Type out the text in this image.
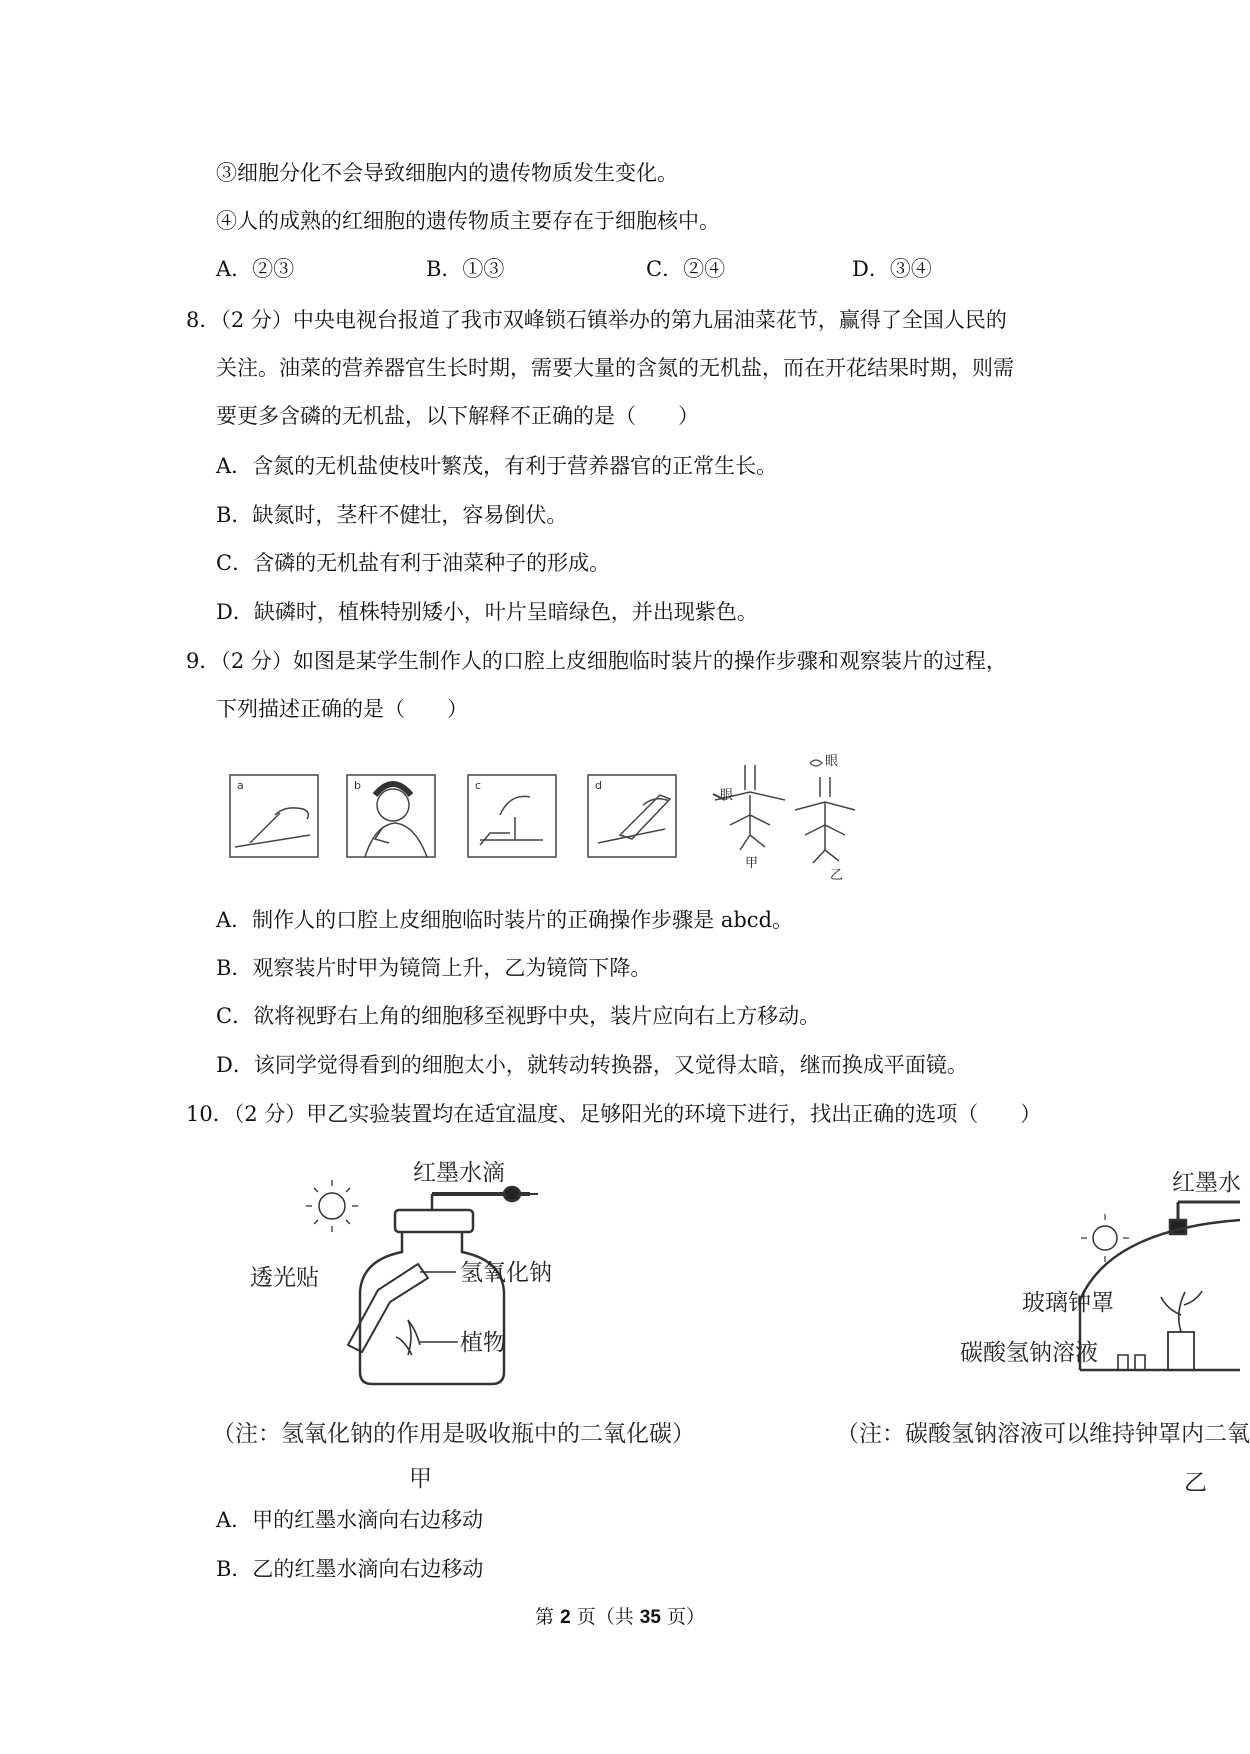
③细胞分化不会导致细胞内的遗传物质发生变化。
④人的成熟的红细胞的遗传物质主要存在于细胞核中。
A．②③	B．①③	C．②④	D．③④
8．（2 分）中央电视台报道了我市双峰锁石镇举办的第九届油菜花节，赢得了全国人民的
关注。油菜的营养器官生长时期，需要大量的含氮的无机盐，而在开花结果时期，则需
要更多含磷的无机盐，以下解释不正确的是（　　）
A．含氮的无机盐使枝叶繁茂，有利于营养器官的正常生长。
B．缺氮时，茎秆不健壮，容易倒伏。
C．含磷的无机盐有利于油菜种子的形成。
D．缺磷时，植株特别矮小，叶片呈暗绿色，并出现紫色。
9．（2 分）如图是某学生制作人的口腔上皮细胞临时装片的操作步骤和观察装片的过程，
下列描述正确的是（　　）
a	b	c	d
眼
眼
甲
乙
A．制作人的口腔上皮细胞临时装片的正确操作步骤是 abcd。
B．观察装片时甲为镜筒上升，乙为镜筒下降。
C．欲将视野右上角的细胞移至视野中央，装片应向右上方移动。
D．该同学觉得看到的细胞太小，就转动转换器，又觉得太暗，继而换成平面镜。
10．（2 分）甲乙实验装置均在适宜温度、足够阳光的环境下进行，找出正确的选项（　　）
红墨水滴
透光贴	氢氧化钠
植物
（注：氢氧化钠的作用是吸收瓶中的二氧化碳）
甲
红墨水
玻璃钟罩
碳酸氢钠溶液
（注：碳酸氢钠溶液可以维持钟罩内二氧
乙
A．甲的红墨水滴向右边移动
B．乙的红墨水滴向右边移动
第 2 页（共 35 页）
